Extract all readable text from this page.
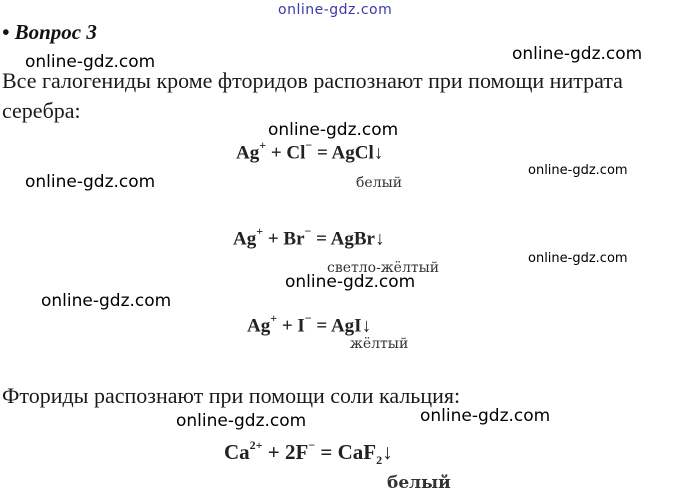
online-gdz.com
• Вопрос 3
online-gdz.com	online-gdz.com
Все галогениды кроме фторидов распознают при помощи нитрата
серебра:
online-gdz.com
Ag+ + Cl− = AgCl↓
белый
online-gdz.com
online-gdz.com
Ag+ + Br− = AgBr↓
светло-жёлтый
online-gdz.com
online-gdz.com
online-gdz.com
Ag+ + I− = AgI↓
жёлтый
Фториды распознают при помощи соли кальция:
online-gdz.com	online-gdz.com
$Ca^{2+} + 2F^-$ = CaF$_2$↓
белый
